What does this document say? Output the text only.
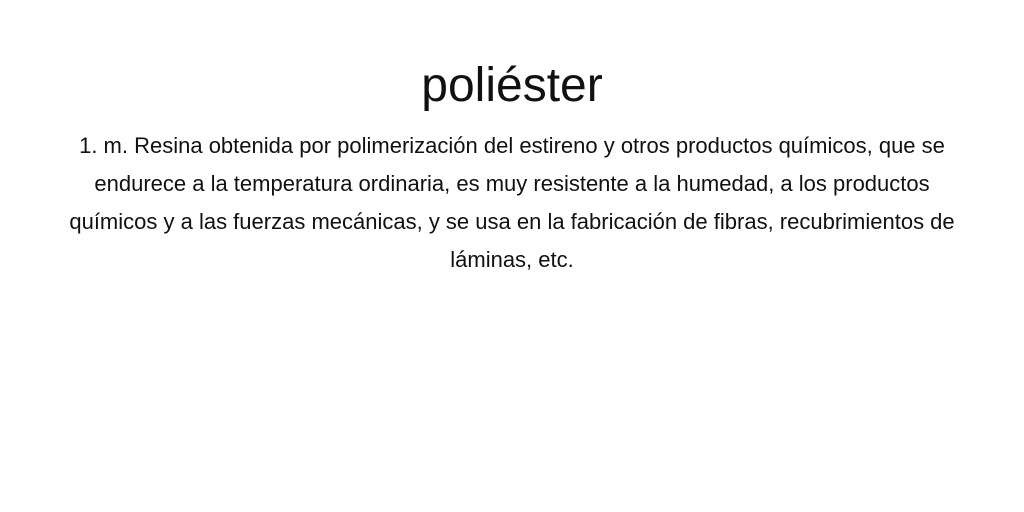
poliéster

1. m. Resina obtenida por polimerización del estireno y otros productos químicos, que se endurece a la temperatura ordinaria, es muy resistente a la humedad, a los productos químicos y a las fuerzas mecánicas, y se usa en la fabricación de fibras, recubrimientos de láminas, etc.
